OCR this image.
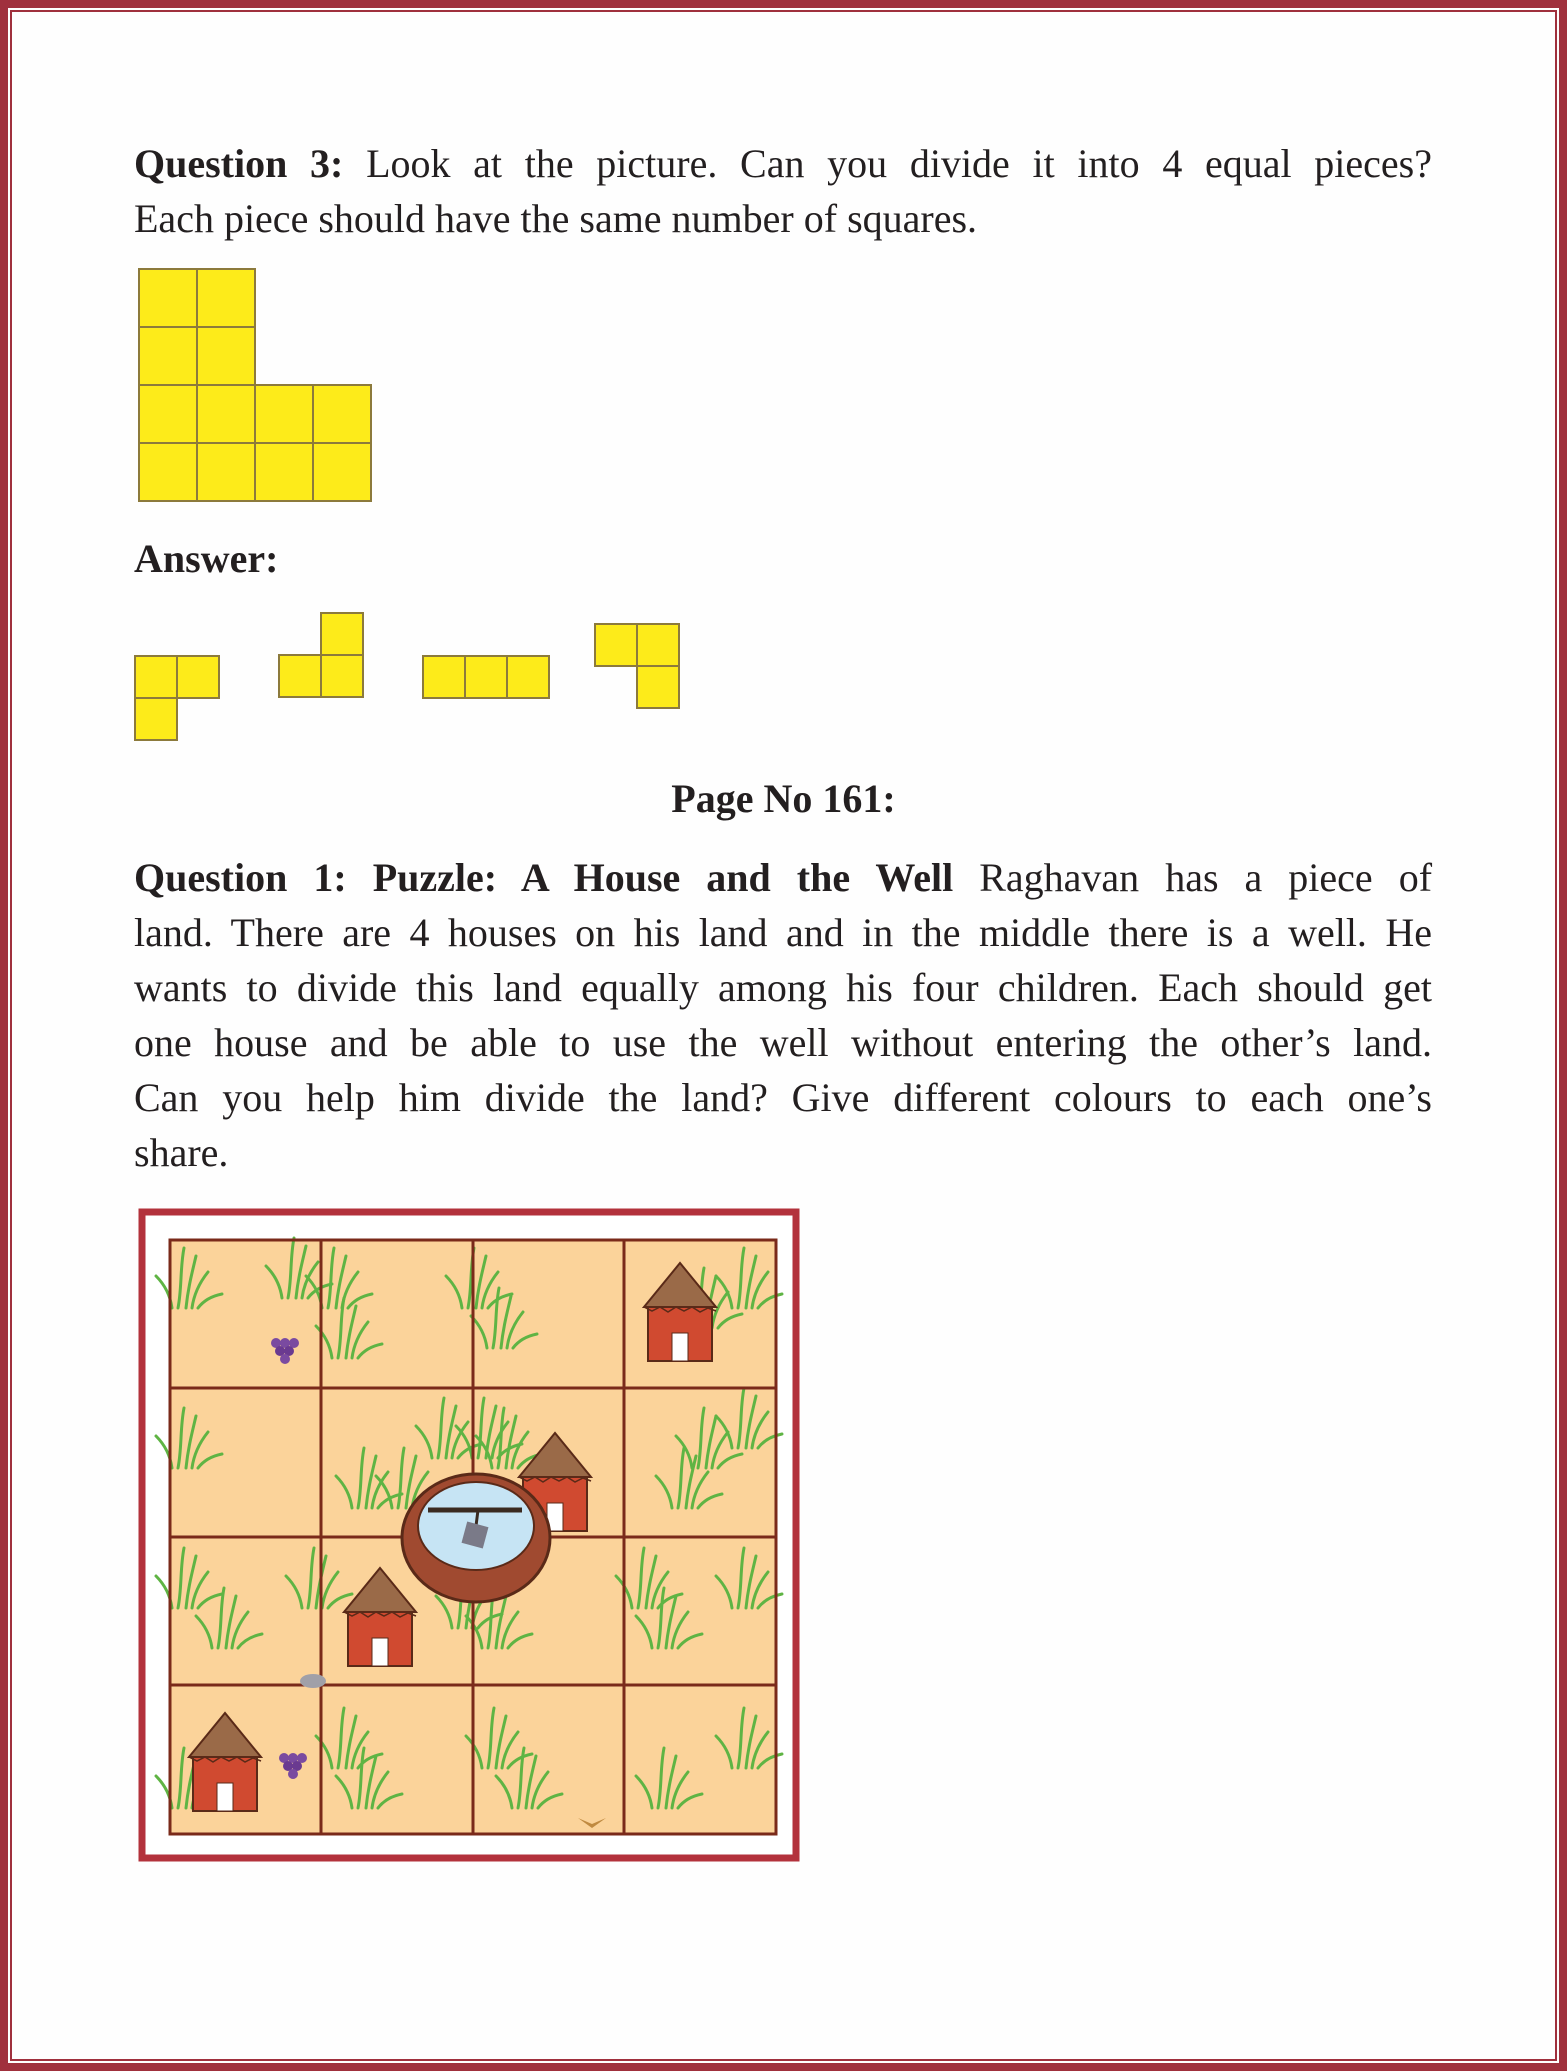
Question 3: Look at the picture. Can you divide it into 4 equal pieces?
Each piece should have the same number of squares.
Answer:
Page No 161:
Question 1: Puzzle: A House and the Well Raghavan has a piece of
land. There are 4 houses on his land and in the middle there is a well. He
wants to divide this land equally among his four children. Each should get
one house and be able to use the well without entering the other’s land.
Can you help him divide the land? Give different colours to each one’s
share.
